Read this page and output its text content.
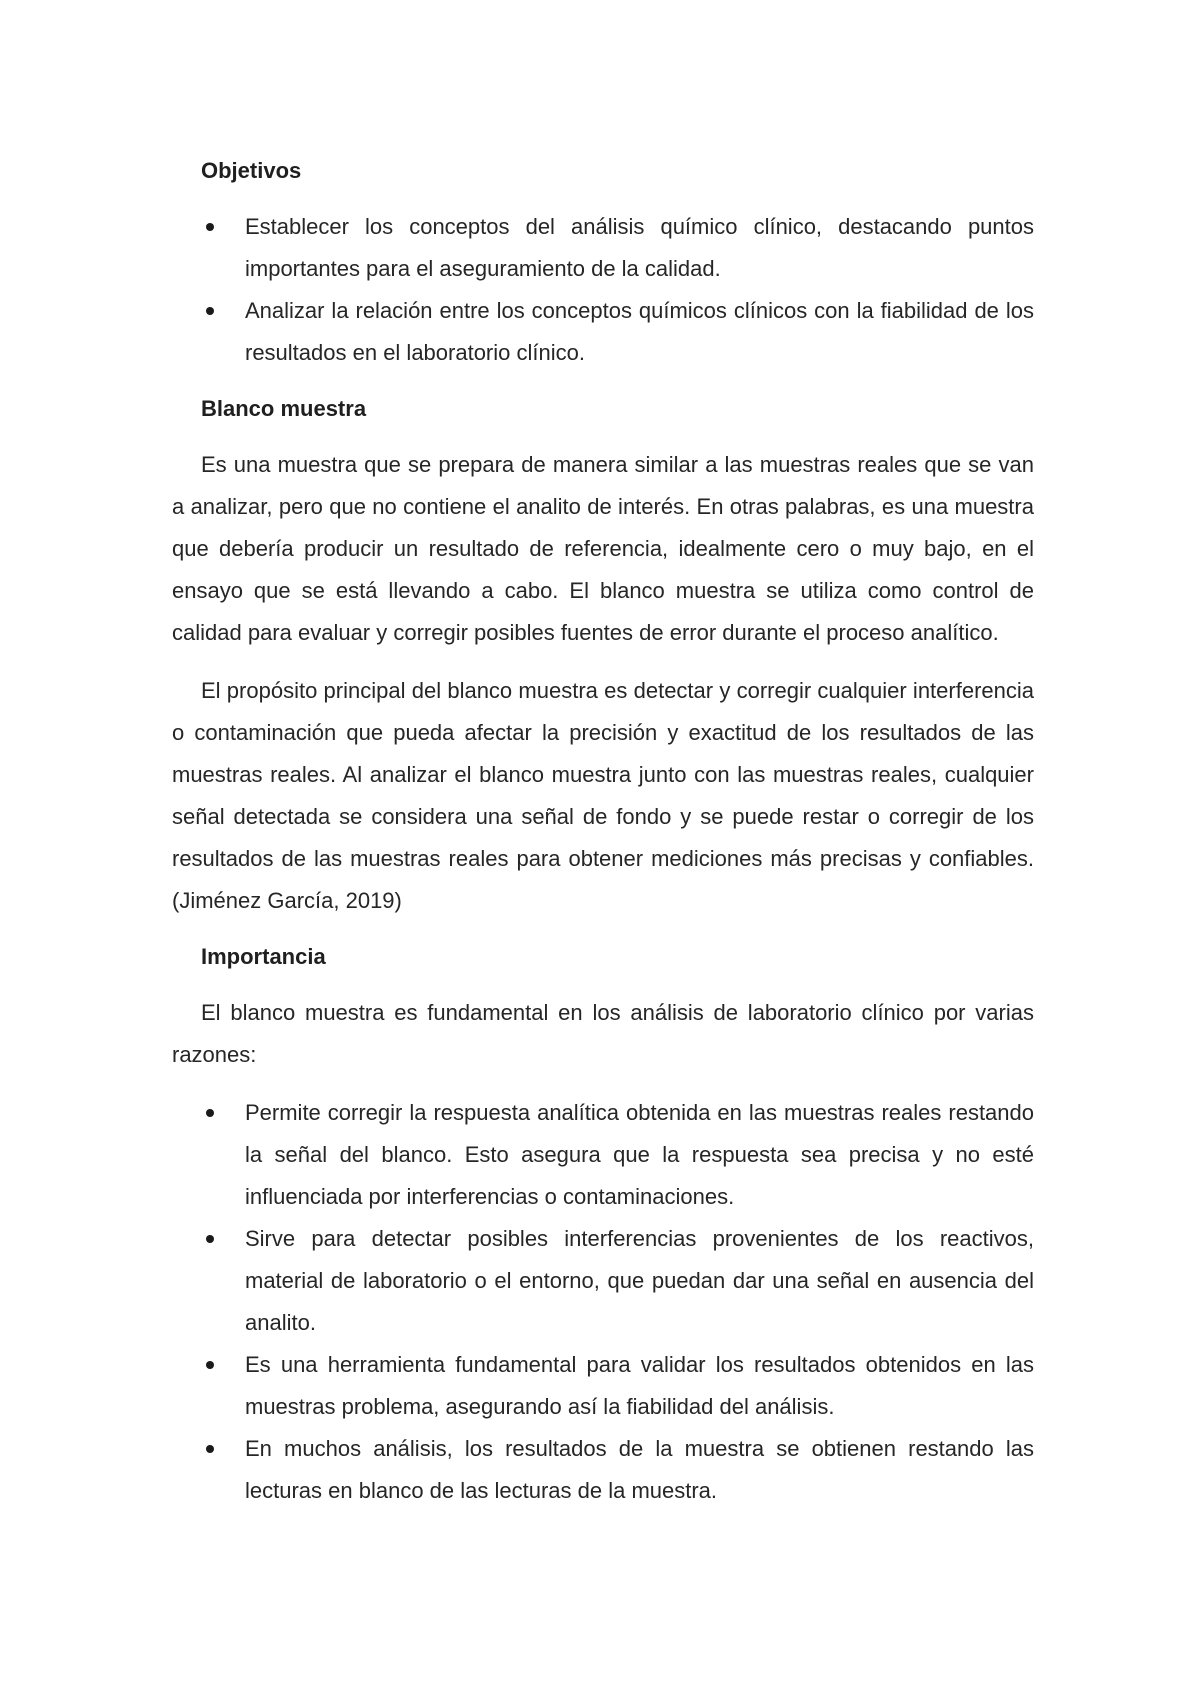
Objetivos
Establecer los conceptos del análisis químico clínico, destacando puntos importantes para el aseguramiento de la calidad.
Analizar la relación entre los conceptos químicos clínicos con la fiabilidad de los resultados en el laboratorio clínico.
Blanco muestra

Es una muestra que se prepara de manera similar a las muestras reales que se van a analizar, pero que no contiene el analito de interés. En otras palabras, es una muestra que debería producir un resultado de referencia, idealmente cero o muy bajo, en el ensayo que se está llevando a cabo. El blanco muestra se utiliza como control de calidad para evaluar y corregir posibles fuentes de error durante el proceso analítico.

El propósito principal del blanco muestra es detectar y corregir cualquier interferencia o contaminación que pueda afectar la precisión y exactitud de los resultados de las muestras reales. Al analizar el blanco muestra junto con las muestras reales, cualquier señal detectada se considera una señal de fondo y se puede restar o corregir de los resultados de las muestras reales para obtener mediciones más precisas y confiables. (Jiménez García, 2019)

Importancia

El blanco muestra es fundamental en los análisis de laboratorio clínico por varias razones:

Permite corregir la respuesta analítica obtenida en las muestras reales restando la señal del blanco. Esto asegura que la respuesta sea precisa y no esté influenciada por interferencias o contaminaciones.
Sirve para detectar posibles interferencias provenientes de los reactivos, material de laboratorio o el entorno, que puedan dar una señal en ausencia del analito.
Es una herramienta fundamental para validar los resultados obtenidos en las muestras problema, asegurando así la fiabilidad del análisis.
En muchos análisis, los resultados de la muestra se obtienen restando las lecturas en blanco de las lecturas de la muestra.
